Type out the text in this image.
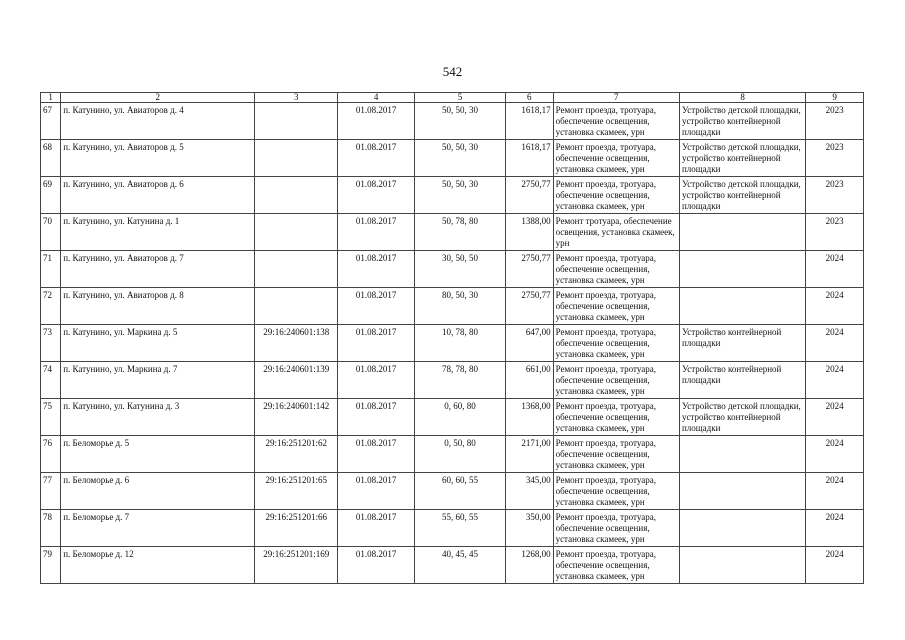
542
1	2	3	4	5	6	7	8	9
67	п. Катунино, ул. Авиаторов д. 4		01.08.2017	50, 50, 30	1618,17	Ремонт проезда, тротуара, обеспечение освещения, установка скамеек, урн	Устройство детской площадки, устройство контейнерной площадки	2023
68	п. Катунино, ул. Авиаторов д. 5		01.08.2017	50, 50, 30	1618,17	Ремонт проезда, тротуара, обеспечение освещения, установка скамеек, урн	Устройство детской площадки, устройство контейнерной площадки	2023
69	п. Катунино, ул. Авиаторов д. 6		01.08.2017	50, 50, 30	2750,77	Ремонт проезда, тротуара, обеспечение освещения, установка скамеек, урн	Устройство детской площадки, устройство контейнерной площадки	2023
70	п. Катунино, ул. Катунина д. 1		01.08.2017	50, 78, 80	1388,00	Ремонт тротуара, обеспечение освещения, установка скамеек, урн		2023
71	п. Катунино, ул. Авиаторов д. 7		01.08.2017	30, 50, 50	2750,77	Ремонт проезда, тротуара, обеспечение освещения, установка скамеек, урн		2024
72	п. Катунино, ул. Авиаторов д. 8		01.08.2017	80, 50, 30	2750,77	Ремонт проезда, тротуара, обеспечение освещения, установка скамеек, урн		2024
73	п. Катунино, ул. Маркина д. 5	29:16:240601:138	01.08.2017	10, 78, 80	647,00	Ремонт проезда, тротуара, обеспечение освещения, установка скамеек, урн	Устройство контейнерной площадки	2024
74	п. Катунино, ул. Маркина д. 7	29:16:240601:139	01.08.2017	78, 78, 80	661,00	Ремонт проезда, тротуара, обеспечение освещения, установка скамеек, урн	Устройство контейнерной площадки	2024
75	п. Катунино, ул. Катунина д. 3	29:16:240601:142	01.08.2017	0, 60, 80	1368,00	Ремонт проезда, тротуара, обеспечение освещения, установка скамеек, урн	Устройство детской площадки, устройство контейнерной площадки	2024
76	п. Беломорье д. 5	29:16:251201:62	01.08.2017	0, 50, 80	2171,00	Ремонт проезда, тротуара, обеспечение освещения, установка скамеек, урн		2024
77	п. Беломорье д. 6	29:16:251201:65	01.08.2017	60, 60, 55	345,00	Ремонт проезда, тротуара, обеспечение освещения, установка скамеек, урн		2024
78	п. Беломорье д. 7	29:16:251201:66	01.08.2017	55, 60, 55	350,00	Ремонт проезда, тротуара, обеспечение освещения, установка скамеек, урн		2024
79	п. Беломорье д. 12	29:16:251201:169	01.08.2017	40, 45, 45	1268,00	Ремонт проезда, тротуара, обеспечение освещения, установка скамеек, урн		2024
